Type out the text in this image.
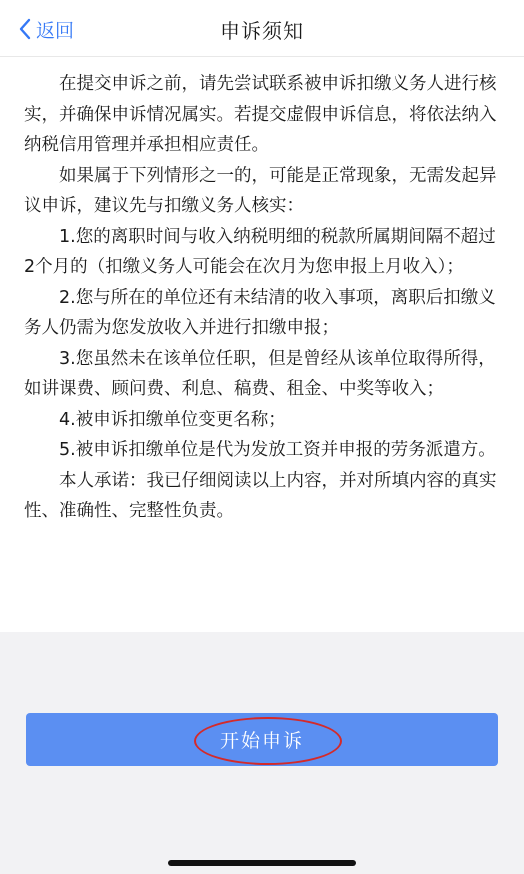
返回	申诉须知

在提交申诉之前，请先尝试联系被申诉扣缴义务人进行核实，并确保申诉情况属实。若提交虚假申诉信息，将依法纳入纳税信用管理并承担相应责任。

如果属于下列情形之一的，可能是正常现象，无需发起异议申诉，建议先与扣缴义务人核实：

1.您的离职时间与收入纳税明细的税款所属期间隔不超过2个月的（扣缴义务人可能会在次月为您申报上月收入）；

2.您与所在的单位还有未结清的收入事项，离职后扣缴义务人仍需为您发放收入并进行扣缴申报；

3.您虽然未在该单位任职，但是曾经从该单位取得所得，如讲课费、顾问费、利息、稿费、租金、中奖等收入；

4.被申诉扣缴单位变更名称；

5.被申诉扣缴单位是代为发放工资并申报的劳务派遣方。

本人承诺：我已仔细阅读以上内容，并对所填内容的真实性、准确性、完整性负责。

开始申诉
